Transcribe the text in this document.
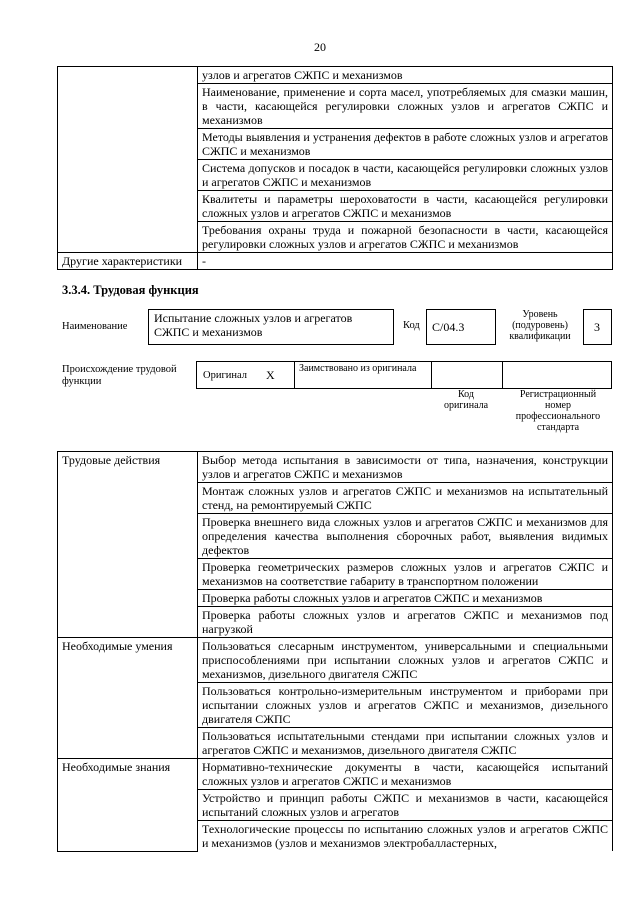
20
	узлов и агрегатов СЖПС и механизмов
	Наименование, применение и сорта масел, употребляемых для смазки машин, в части, касающейся регулировки сложных узлов и агрегатов СЖПС и механизмов
	Методы выявления и устранения дефектов в работе сложных узлов и агрегатов СЖПС и механизмов
	Система допусков и посадок в части, касающейся регулировки сложных узлов и агрегатов СЖПС и механизмов
	Квалитеты и параметры шероховатости в части, касающейся регулировки сложных узлов и агрегатов СЖПС и механизмов
	Требования охраны труда и пожарной безопасности в части, касающейся регулировки сложных узлов и агрегатов СЖПС и механизмов
Другие характеристики	-
3.3.4. Трудовая функция
Наименование
Испытание сложных узлов и агрегатов СЖПС и механизмов	Код С/04.3
Уровень (подуровень) квалификации
3
Происхождение трудовой функции
Оригинал X Заимствовано из оригинала
Код оригинала
Регистрационный номер профессионального стандарта
Трудовые действия	Выбор метода испытания в зависимости от типа, назначения, конструкции узлов и агрегатов СЖПС и механизмов
	Монтаж сложных узлов и агрегатов СЖПС и механизмов на испытательный стенд, на ремонтируемый СЖПС
	Проверка внешнего вида сложных узлов и агрегатов СЖПС и механизмов для определения качества выполнения сборочных работ, выявления видимых дефектов
	Проверка геометрических размеров сложных узлов и агрегатов СЖПС и механизмов на соответствие габариту в транспортном положении
	Проверка работы сложных узлов и агрегатов СЖПС и механизмов
	Проверка работы сложных узлов и агрегатов СЖПС и механизмов под нагрузкой
Необходимые умения	Пользоваться слесарным инструментом, универсальными и специальными приспособлениями при испытании сложных узлов и агрегатов СЖПС и механизмов, дизельного двигателя СЖПС
	Пользоваться контрольно-измерительным инструментом и приборами при испытании сложных узлов и агрегатов СЖПС и механизмов, дизельного двигателя СЖПС
	Пользоваться испытательными стендами при испытании сложных узлов и агрегатов СЖПС и механизмов, дизельного двигателя СЖПС
Необходимые знания	Нормативно-технические документы в части, касающейся испытаний сложных узлов и агрегатов СЖПС и механизмов
	Устройство и принцип работы СЖПС и механизмов в части, касающейся испытаний сложных узлов и агрегатов
	Технологические процессы по испытанию сложных узлов и агрегатов СЖПС и механизмов (узлов и механизмов электробалластерных,
